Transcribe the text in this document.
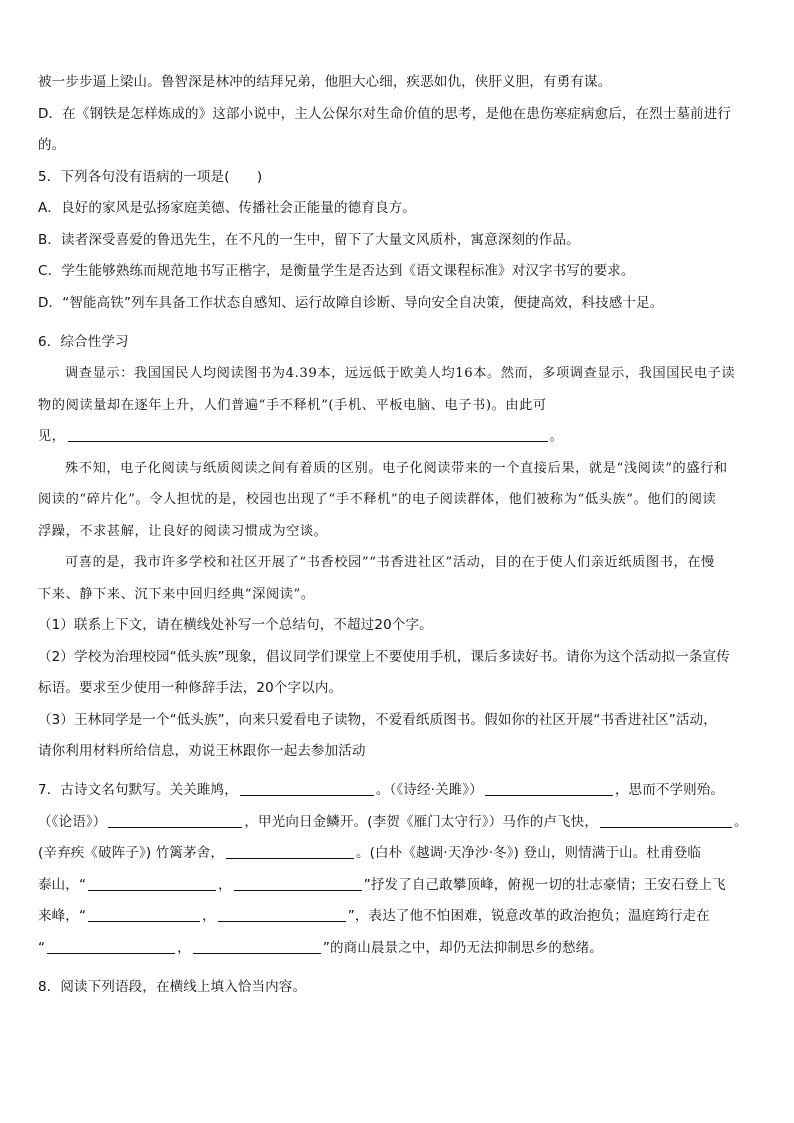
被一步步逼上梁山。鲁智深是林冲的结拜兄弟，他胆大心细，疾恶如仇，侠肝义胆，有勇有谋。
D．在《钢铁是怎样炼成的》这部小说中，主人公保尔对生命价值的思考，是他在患伤寒症病愈后，在烈士墓前进行
的。
5．下列各句没有语病的一项是(　　)
A．良好的家风是弘扬家庭美德、传播社会正能量的德育良方。
B．读者深受喜爱的鲁迅先生，在不凡的一生中，留下了大量文风质朴，寓意深刻的作品。
C．学生能够熟练而规范地书写正楷字，是衡量学生是否达到《语文课程标准》对汉字书写的要求。
D．“智能高铁”列车具备工作状态自感知、运行故障自诊断、导向安全自决策，便捷高效，科技感十足。
6．综合性学习
调查显示：我国国民人均阅读图书为4.39本，远远低于欧美人均16本。然而，多项调查显示，我国国民电子读
物的阅读量却在逐年上升，人们普遍“手不释机”(手机、平板电脑、电子书)。由此可
见，	。
殊不知，电子化阅读与纸质阅读之间有着质的区别。电子化阅读带来的一个直接后果，就是“浅阅读”的盛行和
阅读的“碎片化”。令人担忧的是，校园也出现了“手不释机”的电子阅读群体，他们被称为“低头族”。他们的阅读
浮躁，不求甚解，让良好的阅读习惯成为空谈。
可喜的是，我市许多学校和社区开展了“书香校园”“书香进社区”活动，目的在于使人们亲近纸质图书，在慢
下来、静下来、沉下来中回归经典“深阅读”。
（1）联系上下文，请在横线处补写一个总结句，不超过20个字。
（2）学校为治理校园“低头族”现象，倡议同学们课堂上不要使用手机，课后多读好书。请你为这个活动拟一条宣传
标语。要求至少使用一种修辞手法，20个字以内。
（3）王林同学是一个“低头族”，向来只爱看电子读物，不爱看纸质图书。假如你的社区开展“书香进社区”活动，
请你利用材料所给信息，劝说王林跟你一起去参加活动
7．古诗文名句默写。关关雎鸠，	。（《诗经·关雎》）	，思而不学则殆。
（《论语》）	，甲光向日金鳞开。(李贺《雁门太守行》）马作的卢飞快，	。
(辛弃疾《破阵子》) 竹篱茅舍，	。(白朴《越调·天净沙·冬》) 登山，则情满于山。杜甫登临
泰山，“	，	”抒发了自己敢攀顶峰，俯视一切的壮志豪情；王安石登上飞
来峰，“	，	”，表达了他不怕困难，锐意改革的政治抱负；温庭筠行走在
“	，	”的商山晨景之中，却仍无法抑制思乡的愁绪。
8．阅读下列语段，在横线上填入恰当内容。
